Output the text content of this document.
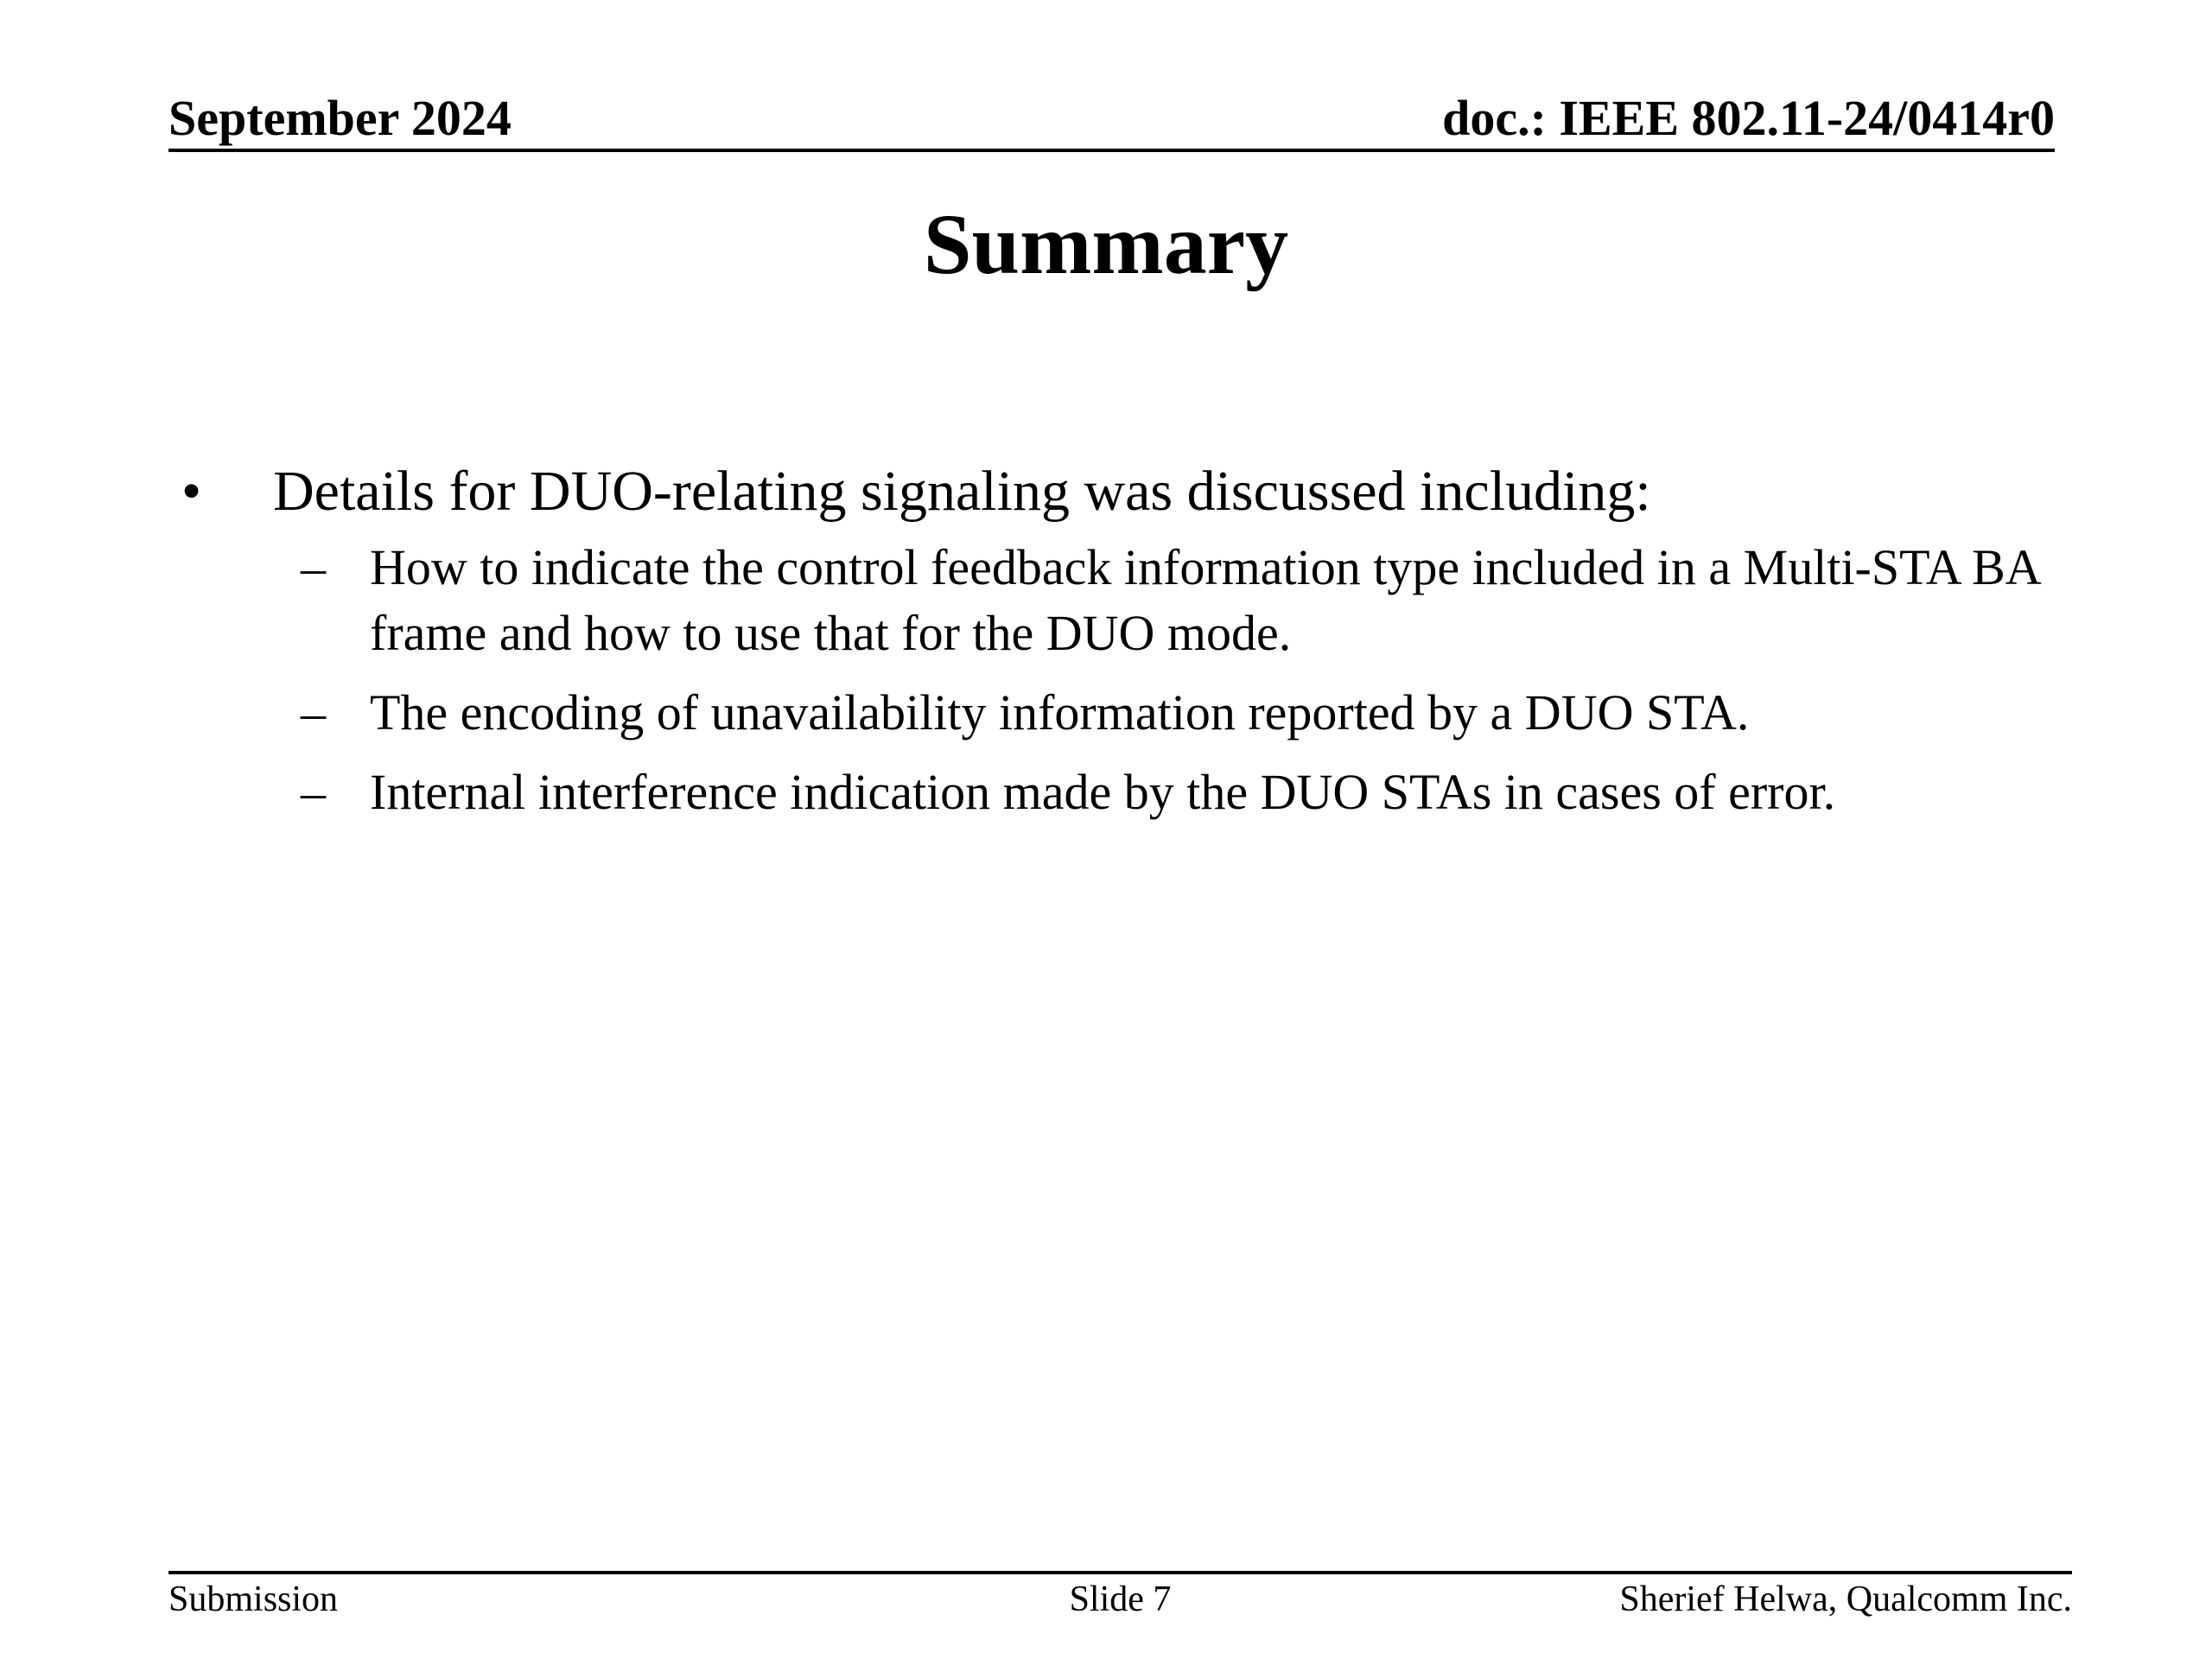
September 2024	doc.: IEEE 802.11-24/0414r0
Summary
• Details for DUO-relating signaling was discussed including:
– How to indicate the control feedback information type included in a Multi-STA BA frame and how to use that for the DUO mode.
– The encoding of unavailability information reported by a DUO STA.
– Internal interference indication made by the DUO STAs in cases of error.
Submission	Slide 7	Sherief Helwa, Qualcomm Inc.
